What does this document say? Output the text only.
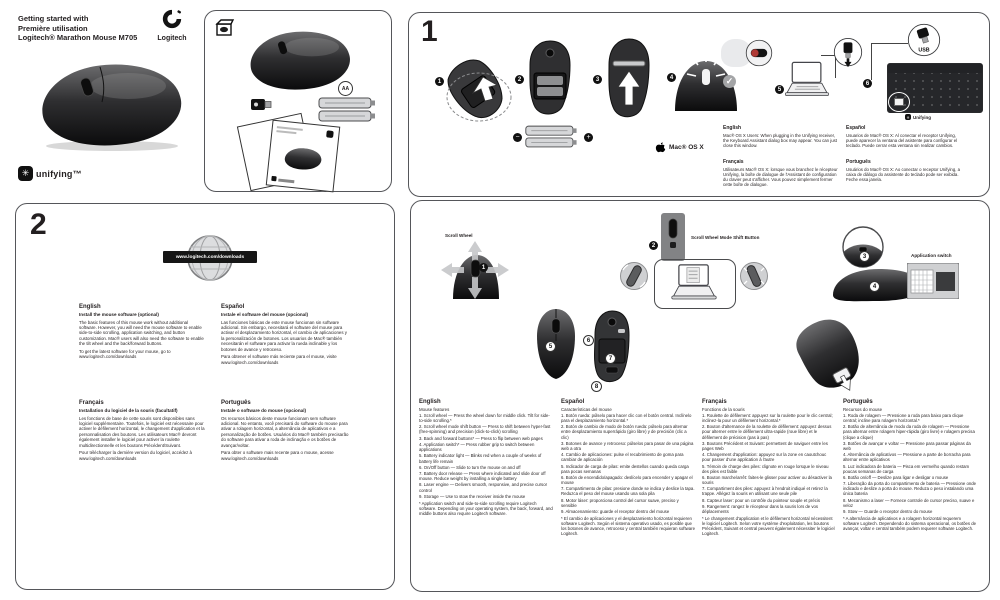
Getting started with
Première utilisation
Logitech® Marathon Mouse M705	Logitech
✳ unifying™
AA
1
1	2
−	+
3	4	✓
Mac® OS X
5
6
USB
✳ Unifying
English
Mac® OS X Users: When plugging in the Unifying receiver, the Keyboard Assistant dialog box may appear. You can just close this window.
Français
Utilisateurs Mac® OS X: lorsque vous branchez le récepteur Unifying, la boîte de dialogue de l'Assistant de configuration du clavier peut s'afficher. Vous pouvez simplement fermer cette boîte de dialogue.
Español
Usuarios de Mac® OS X: Al conectar el receptor Unifying, puede aparecer la ventana del asistente para configurar el teclado. Puede cerrar esta ventana sin realizar cambios.
Português
Usuários do Mac® OS X: Ao conectar o receptor Unifying, a caixa de diálogo do assistente do teclado pode ser exibida. Feche essa janela.
2
www.logitech.com/downloads
English
Install the mouse software (optional)
The basic features of this mouse work without additional software. However, you will need the mouse software to enable side-to-side scrolling, application switching, and button customization. Mac® users will also need the software to enable the tilt wheel and the back/forward buttons.
To get the latest software for your mouse, go to www.logitech.com/downloads
Español
Instale el software del mouse (opcional)
Las funciones básicas de este mouse funcionan sin software adicional. Sin embargo, necesitará el software del mouse para activar el desplazamiento horizontal, el cambio de aplicaciones y la personalización de botones. Los usuarios de Mac® también necesitarán el software para activar la rueda inclinable y los botones de avance y retroceso.
Para obtener el software más reciente para el mouse, visite www.logitech.com/downloads
Français
Installation du logiciel de la souris (facultatif)
Les fonctions de base de cette souris sont disponibles sans logiciel supplémentaire. Toutefois, le logiciel est nécessaire pour activer le défilement horizontal, le changement d'application et la personnalisation des boutons. Les utilisateurs Mac® devront également installer le logiciel pour activer la roulette multidirectionnelle et les boutons Précédent/Suivant.
Pour télécharger la dernière version du logiciel, accédez à www.logitech.com/downloads
Português
Instale o software do mouse (opcional)
Os recursos básicos deste mouse funcionam sem software adicional. No entanto, você precisará do software do mouse para ativar a rolagem horizontal, a alternância de aplicativos e a personalização de botões. Usuários do Mac® também precisarão do software para ativar a roda de inclinação e os botões de avançar/voltar.
Para obter o software mais recente para o mouse, acesse www.logitech.com/downloads
Scroll Wheel
1
2
Scroll Wheel Mode Shift Button
3
4
Application switch
5
6
7
8
English
Mouse features
1. Scroll wheel — Press the wheel down for middle click. Tilt for side-to-side scrolling.*
2. Scroll wheel mode shift button — Press to shift between hyper-fast (free-spinning) and precision (click-to-click) scrolling
3. Back and forward buttons* — Press to flip between web pages
4. Application switch* — Press rubber grip to switch between applications
5. Battery indicator light — Blinks red when a couple of weeks of battery life remain
6. On/Off button — Slide to turn the mouse on and off
7. Battery door release — Press where indicated and slide door off mouse. Reduce weight by installing a single battery
8. Laser engine — Delivers smooth, responsive, and precise cursor control
9. Storage — Use to stow the receiver inside the mouse
* Application switch and side-to-side scrolling require Logitech software. Depending on your operating system, the back, forward, and middle buttons also require Logitech software.
Español
Características del mouse
1. Botón rueda: púlselo para hacer clic con el botón central. Inclínelo para el desplazamiento horizontal.*
2. Botón de cambio de modo de botón rueda: púlselo para alternar entre desplazamiento superrápido (giro libre) y de precisión (clic a clic)
3. Botones de avance y retroceso: púlselos para pasar de una página web a otra
4. Cambio de aplicaciones: pulse el recubrimiento de goma para cambiar de aplicación
5. Indicador de carga de pilas: emite destellos cuando queda carga para pocas semanas
6. Botón de encendido/apagado: deslícelo para encender y apagar el mouse
7. Compartimento de pilas: presione donde se indica y deslice la tapa. Reduzca el peso del mouse usando una sola pila
8. Motor láser: proporciona control del cursor suave, preciso y sensible
9. Almacenamiento: guarde el receptor dentro del mouse
* El cambio de aplicaciones y el desplazamiento horizontal requieren software Logitech. Según el sistema operativo usado, es posible que los botones de avance, retroceso y central también requieran software Logitech.
Français
Fonctions de la souris
1. Roulette de défilement: appuyez sur la roulette pour le clic central; inclinez-la pour un défilement horizontal.*
2. Bouton d'alternance de la roulette de défilement: appuyez dessus pour alterner entre le défilement ultra-rapide (roue libre) et le défilement de précision (pas à pas)
3. Boutons Précédent et Suivant: permettent de naviguer entre les pages Web
4. Changement d'application: appuyez sur la zone en caoutchouc pour passer d'une application à l'autre
5. Témoin de charge des piles: clignote en rouge lorsque le niveau des piles est faible
6. Bouton marche/arrêt: faites-le glisser pour activer ou désactiver la souris
7. Compartiment des piles: appuyez à l'endroit indiqué et retirez la trappe. Allégez la souris en utilisant une seule pile
8. Capteur laser: pour un contrôle du pointeur souple et précis
9. Rangement: rangez le récepteur dans la souris lors de vos déplacements
* Le changement d'application et le défilement horizontal nécessitent le logiciel Logitech. Selon votre système d'exploitation, les boutons Précédent, Suivant et central peuvent également nécessiter le logiciel Logitech.
Português
Recursos do mouse
1. Roda de rolagem — Pressione a roda para baixo para clique central; incline para rolagem horizontal.*
2. Botão de alternância de modo da roda de rolagem — Pressione para alternar entre rolagem hiper-rápida (giro livre) e rolagem precisa (clique a clique)
3. Botões de avançar e voltar — Pressione para passar páginas da web
4. Alternância de aplicativos — Pressione a parte de borracha para alternar entre aplicativos
5. Luz indicadora de bateria — Pisca em vermelho quando restam poucas semanas de carga
6. Botão on/off — Deslize para ligar e desligar o mouse
7. Liberação da porta do compartimento de bateria — Pressione onde indicado e deslize a porta do mouse. Reduza o peso instalando uma única bateria
8. Mecanismo a laser — Fornece controle de cursor preciso, suave e veloz
9. Stow — Guarde o receptor dentro do mouse
* A alternância de aplicativos e a rolagem horizontal requerem software Logitech. Dependendo do sistema operacional, os botões de avançar, voltar e central também podem requerer software Logitech.
